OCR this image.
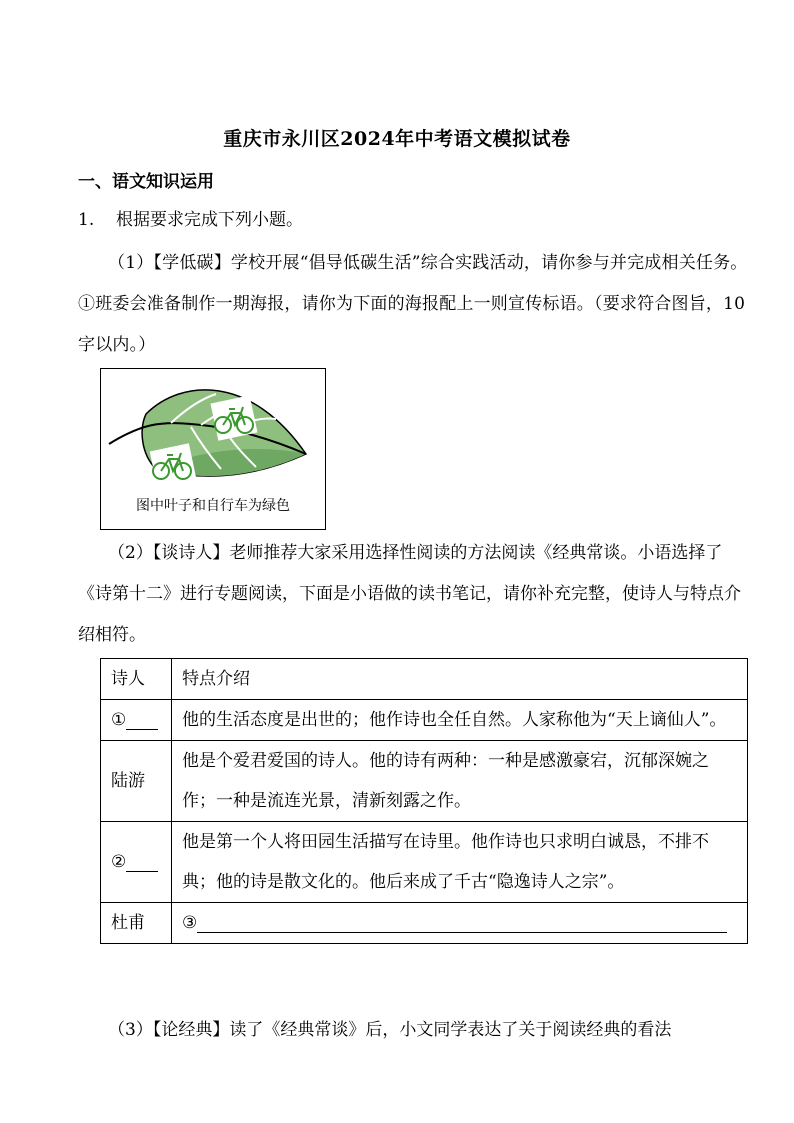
重庆市永川区2024年中考语文模拟试卷
一、语文知识运用
1. 根据要求完成下列小题。
（1）【学低碳】学校开展“倡导低碳生活”综合实践活动，请你参与并完成相关任务。①班委会准备制作一期海报，请你为下面的海报配上一则宣传标语。（要求符合图旨，10字以内。）
图中叶子和自行车为绿色
（2）【谈诗人】老师推荐大家采用选择性阅读的方法阅读《经典常谈。小语选择了《诗第十二》进行专题阅读，下面是小语做的读书笔记，请你补充完整，使诗人与特点介绍相符。
诗人	特点介绍
①	他的生活态度是出世的；他作诗也全任自然。人家称他为“天上谪仙人”。
陆游	他是个爱君爱国的诗人。他的诗有两种：一种是感激豪宕，沉郁深婉之作；一种是流连光景，清新刻露之作。
②	他是第一个人将田园生活描写在诗里。他作诗也只求明白诚恳，不排不典；他的诗是散文化的。他后来成了千古“隐逸诗人之宗”。
杜甫	③
（3）【论经典】读了《经典常谈》后，小文同学表达了关于阅读经典的看法
